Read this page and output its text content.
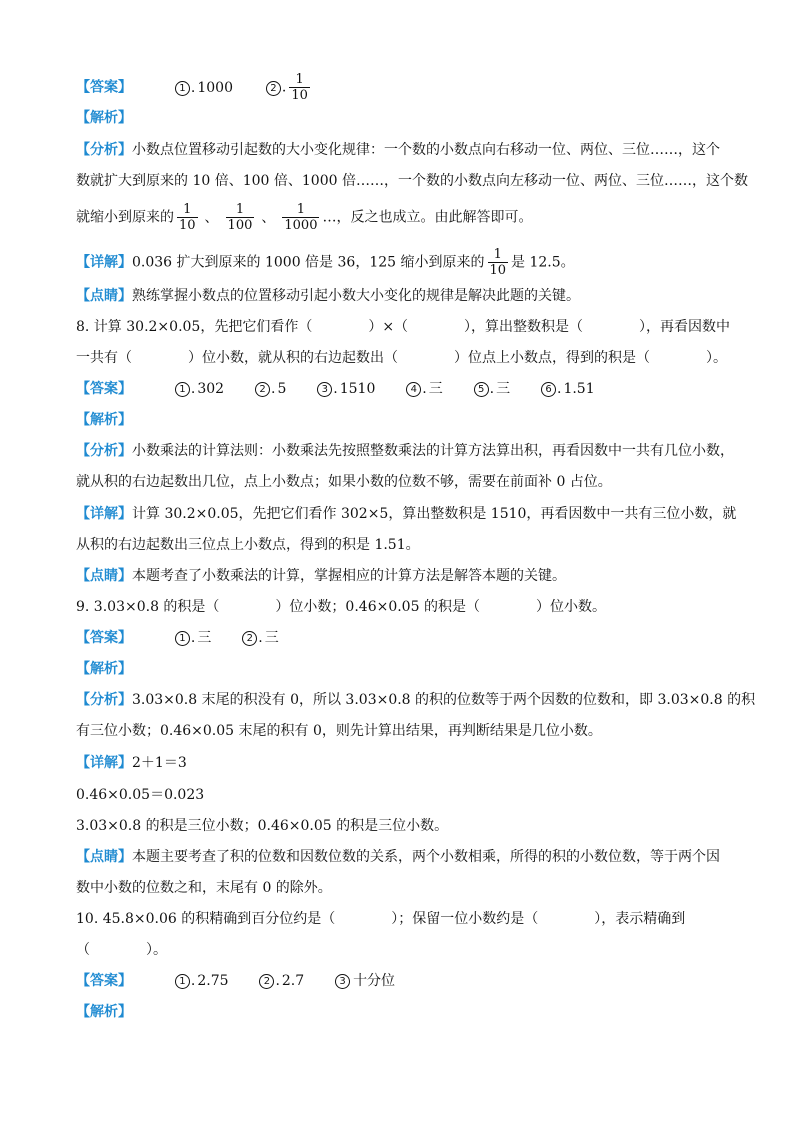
【答案】	1 . 1000	2 . $\frac{1}{10}$
【解析】
【分析】小数点位置移动引起数的大小变化规律：一个数的小数点向右移动一位、两位、三位……，这个
数就扩大到原来的 10 倍、100 倍、1000 倍……，一个数的小数点向左移动一位、两位、三位……，这个数
就缩小到原来的 $\frac{1}{10}$ 、 $\frac{1}{100}$ 、 $\frac{1}{1000}$ …，反之也成立。由此解答即可。
【详解】0.036 扩大到原来的 1000 倍是 36，125 缩小到原来的 $\frac{1}{10}$ 是 12.5。
【点睛】熟练掌握小数点的位置移动引起小数大小变化的规律是解决此题的关键。
8. 计算 30.2×0.05，先把它们看作（　　　　）×（　　　　），算出整数积是（　　　　），再看因数中
一共有（　　　　）位小数，就从积的右边起数出（　　　　）位点上小数点，得到的积是（　　　　）。
【答案】	1 . 302	2 . 5	3 . 1510	4 . 三	5 . 三	6 . 1.51
【解析】
【分析】小数乘法的计算法则：小数乘法先按照整数乘法的计算方法算出积，再看因数中一共有几位小数，
就从积的右边起数出几位，点上小数点；如果小数的位数不够，需要在前面补 0 占位。
【详解】计算 30.2×0.05，先把它们看作 302×5，算出整数积是 1510，再看因数中一共有三位小数，就
从积的右边起数出三位点上小数点，得到的积是 1.51。
【点睛】本题考查了小数乘法的计算，掌握相应的计算方法是解答本题的关键。
9. 3.03×0.8 的积是（　　　　）位小数；0.46×0.05 的积是（　　　　）位小数。
【答案】	1 . 三	2 . 三
【解析】
【分析】3.03×0.8 末尾的积没有 0，所以 3.03×0.8 的积的位数等于两个因数的位数和，即 3.03×0.8 的积
有三位小数；0.46×0.05 末尾的积有 0，则先计算出结果，再判断结果是几位小数。
【详解】2＋1＝3
0.46×0.05＝0.023
3.03×0.8 的积是三位小数；0.46×0.05 的积是三位小数。
【点睛】本题主要考查了积的位数和因数位数的关系，两个小数相乘，所得的积的小数位数，等于两个因
数中小数的位数之和，末尾有 0 的除外。
10. 45.8×0.06 的积精确到百分位约是（　　　　）；保留一位小数约是（　　　　），表示精确到
（　　　　）。
【答案】	1 . 2.75	2 . 2.7	3 十分位
【解析】
